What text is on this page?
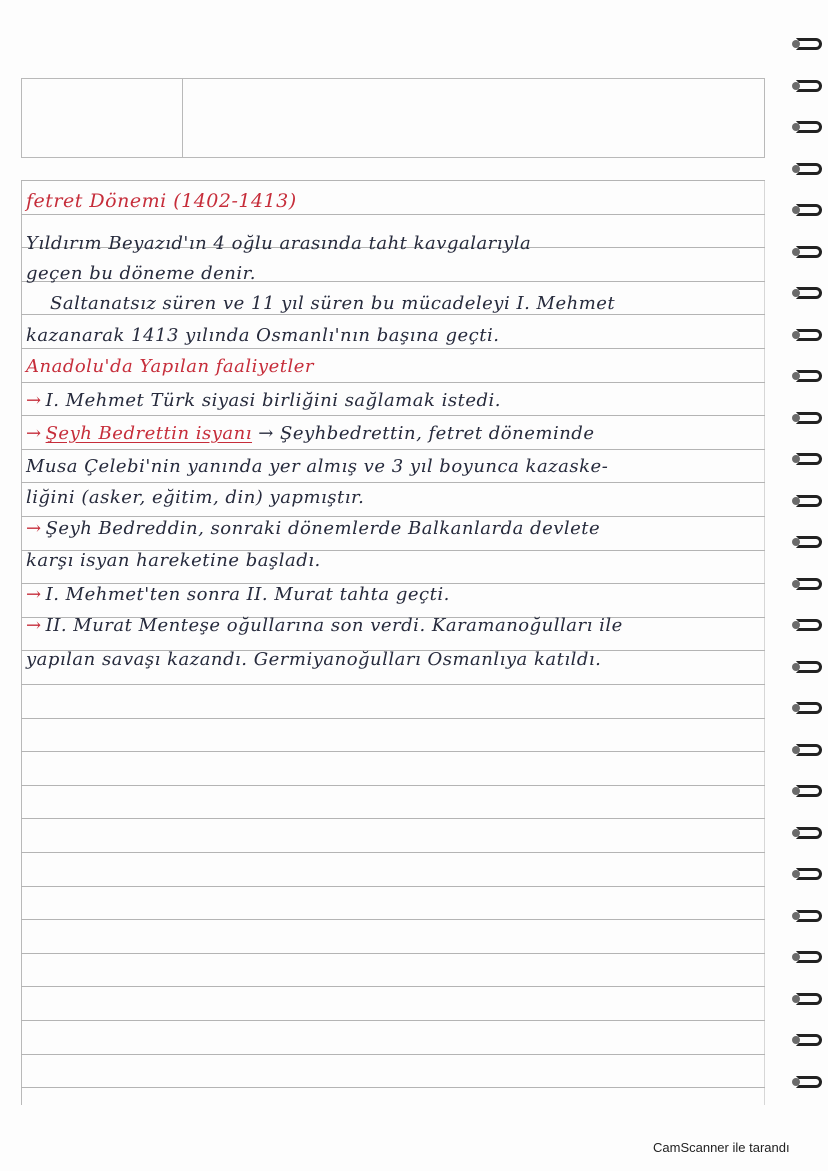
fetret Dönemi (1402-1413)
Yıldırım Beyazıd'ın 4 oğlu arasında taht kavgalarıyla
geçen bu döneme denir.
Saltanatsız süren ve 11 yıl süren bu mücadeleyi I. Mehmet
kazanarak 1413 yılında Osmanlı'nın başına geçti.
Anadolu'da Yapılan faaliyetler
→ I. Mehmet Türk siyasi birliğini sağlamak istedi.
→ Şeyh Bedrettin isyanı → Şeyhbedrettin, fetret döneminde
Musa Çelebi'nin yanında yer almış ve 3 yıl boyunca kazaske-
liğini (asker, eğitim, din) yapmıştır.
→ Şeyh Bedreddin, sonraki dönemlerde Balkanlarda devlete
karşı isyan hareketine başladı.
→ I. Mehmet'ten sonra II. Murat tahta geçti.
→ II. Murat Menteşe oğullarına son verdi. Karamanoğulları ile
yapılan savaşı kazandı. Germiyanoğulları Osmanlıya katıldı.
CamScanner ile tarandı
